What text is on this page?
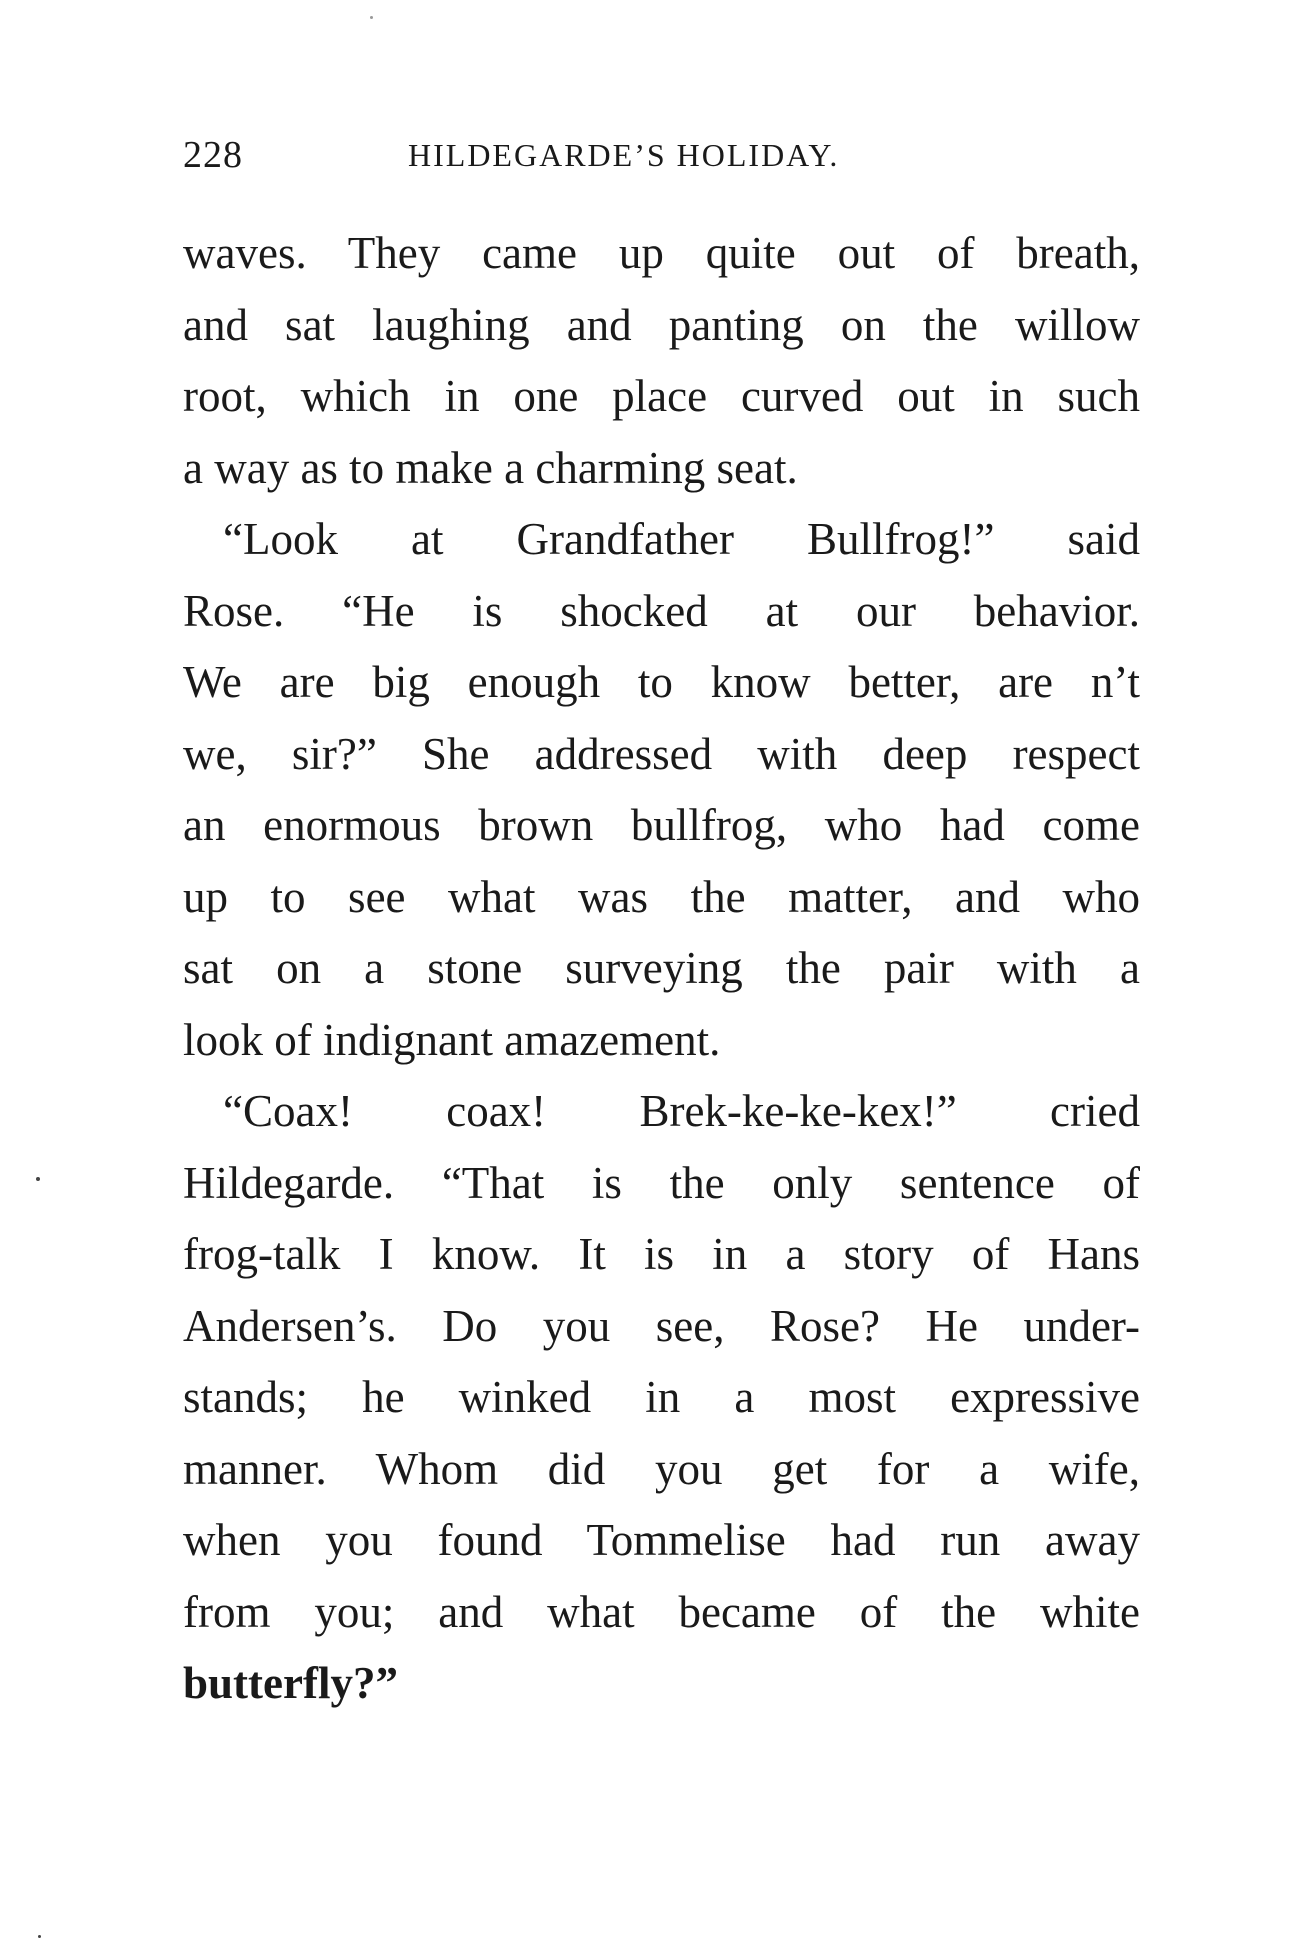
228	HILDEGARDE’S HOLIDAY.
waves. They came up quite out of breath,
and sat laughing and panting on the willow
root, which in one place curved out in such
a way as to make a charming seat.
“Look at Grandfather Bullfrog!” said
Rose. “He is shocked at our behavior.
We are big enough to know better, are n’t
we, sir?” She addressed with deep respect
an enormous brown bullfrog, who had come
up to see what was the matter, and who
sat on a stone surveying the pair with a
look of indignant amazement.
“Coax! coax! Brek-ke-ke-kex!” cried
Hildegarde. “That is the only sentence of
frog-talk I know. It is in a story of Hans
Andersen’s. Do you see, Rose? He under-
stands; he winked in a most expressive
manner. Whom did you get for a wife,
when you found Tommelise had run away
from you; and what became of the white
butterfly?”
